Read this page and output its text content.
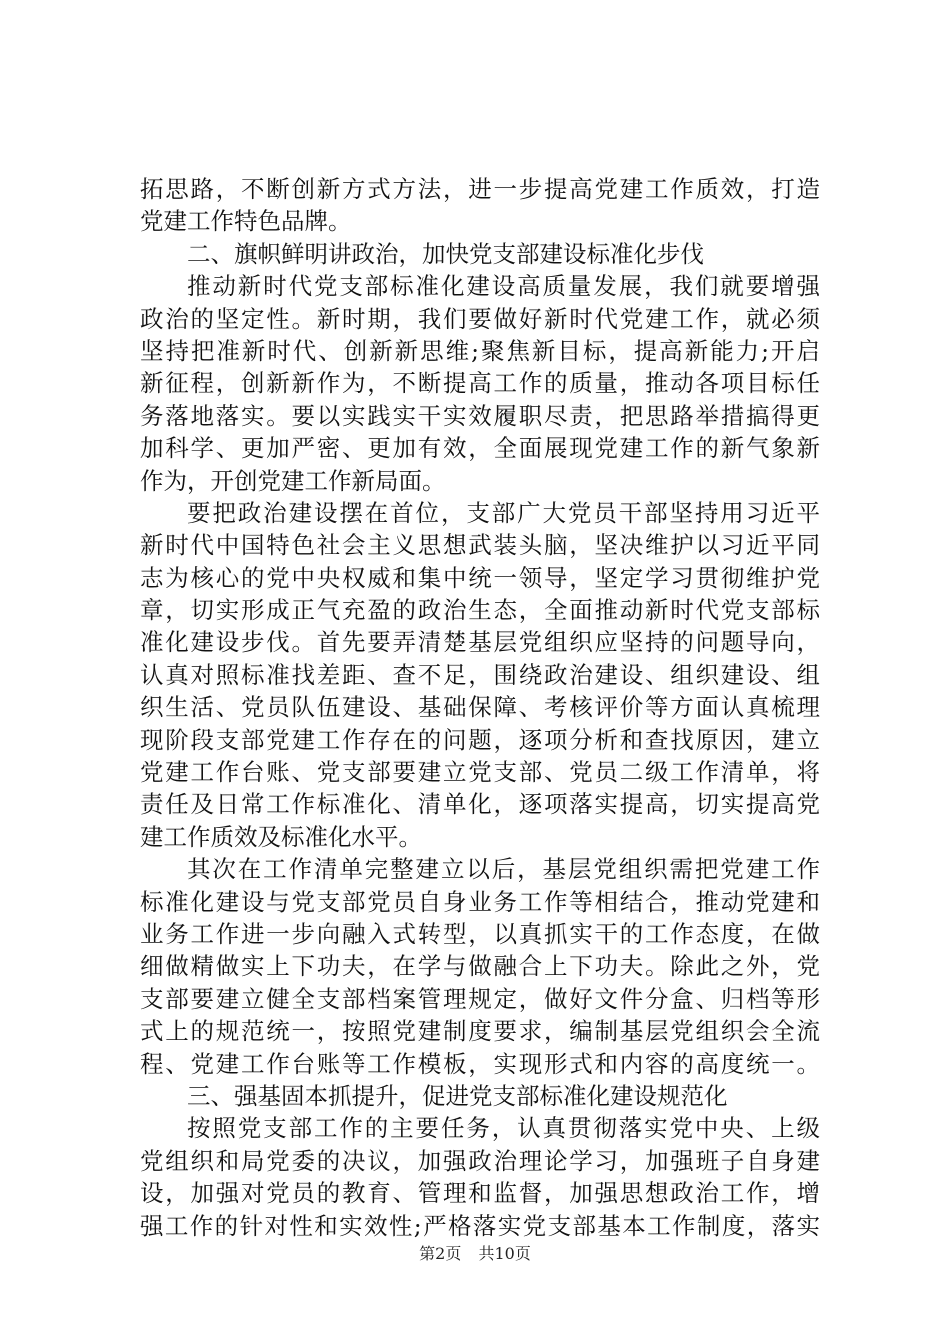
拓思路，不断创新方式方法，进一步提高党建工作质效，打造
党建工作特色品牌。
二、旗帜鲜明讲政治，加快党支部建设标准化步伐
推动新时代党支部标准化建设高质量发展，我们就要增强
政治的坚定性。新时期，我们要做好新时代党建工作，就必须
坚持把准新时代、创新新思维;聚焦新目标，提高新能力;开启
新征程，创新新作为，不断提高工作的质量，推动各项目标任
务落地落实。要以实践实干实效履职尽责，把思路举措搞得更
加科学、更加严密、更加有效，全面展现党建工作的新气象新
作为，开创党建工作新局面。
要把政治建设摆在首位，支部广大党员干部坚持用习近平
新时代中国特色社会主义思想武装头脑，坚决维护以习近平同
志为核心的党中央权威和集中统一领导，坚定学习贯彻维护党
章，切实形成正气充盈的政治生态，全面推动新时代党支部标
准化建设步伐。首先要弄清楚基层党组织应坚持的问题导向，
认真对照标准找差距、查不足，围绕政治建设、组织建设、组
织生活、党员队伍建设、基础保障、考核评价等方面认真梳理
现阶段支部党建工作存在的问题，逐项分析和查找原因，建立
党建工作台账、党支部要建立党支部、党员二级工作清单，将
责任及日常工作标准化、清单化，逐项落实提高，切实提高党
建工作质效及标准化水平。
其次在工作清单完整建立以后，基层党组织需把党建工作
标准化建设与党支部党员自身业务工作等相结合，推动党建和
业务工作进一步向融入式转型，以真抓实干的工作态度，在做
细做精做实上下功夫，在学与做融合上下功夫。除此之外，党
支部要建立健全支部档案管理规定，做好文件分盒、归档等形
式上的规范统一，按照党建制度要求，编制基层党组织会全流
程、党建工作台账等工作模板，实现形式和内容的高度统一。
三、强基固本抓提升，促进党支部标准化建设规范化
按照党支部工作的主要任务，认真贯彻落实党中央、上级
党组织和局党委的决议，加强政治理论学习，加强班子自身建
设，加强对党员的教育、管理和监督，加强思想政治工作，增
强工作的针对性和实效性;严格落实党支部基本工作制度，落实
第2页 共10页
